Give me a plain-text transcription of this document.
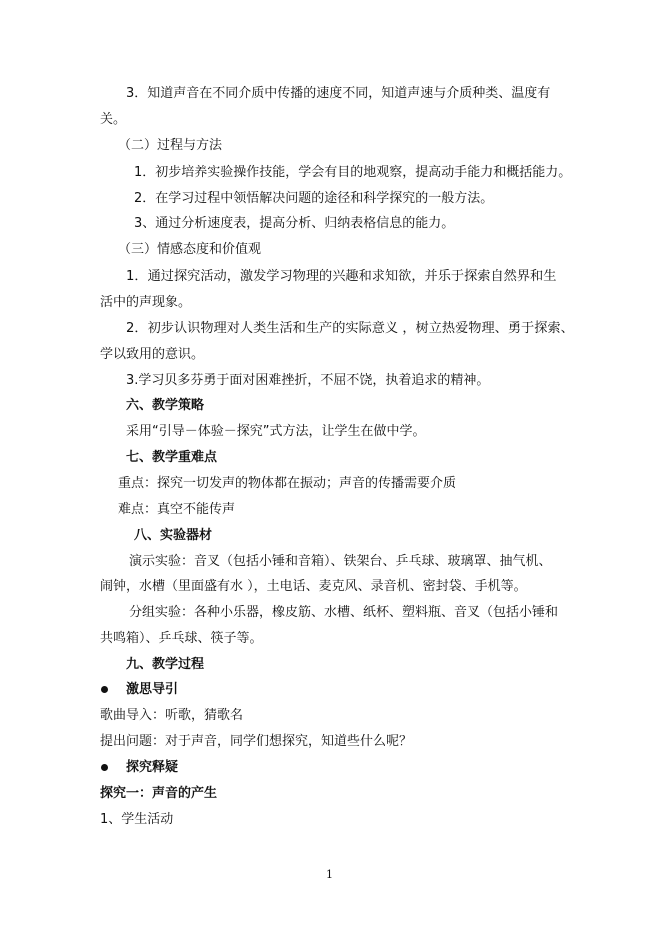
3．知道声音在不同介质中传播的速度不同，知道声速与介质种类、温度有
关。
（二）过程与方法
1．初步培养实验操作技能，学会有目的地观察，提高动手能力和概括能力。
2．在学习过程中领悟解决问题的途径和科学探究的一般方法。
3、通过分析速度表，提高分析、归纳表格信息的能力。
（三）情感态度和价值观
1．通过探究活动，激发学习物理的兴趣和求知欲，并乐于探索自然界和生
活中的声现象。
2．初步认识物理对人类生活和生产的实际意义 ，树立热爱物理、勇于探索、
学以致用的意识。
3.学习贝多芬勇于面对困难挫折，不屈不饶，执着追求的精神。
六、教学策略
采用“引导－体验－探究”式方法，让学生在做中学。
七、教学重难点
重点：探究一切发声的物体都在振动；声音的传播需要介质
难点：真空不能传声
八、实验器材
演示实验：音叉（包括小锤和音箱）、铁架台、乒乓球、玻璃罩、抽气机、
闹钟，水槽（里面盛有水 ），土电话、麦克风、录音机、密封袋、手机等。
分组实验：各种小乐器，橡皮筋、水槽、纸杯、塑料瓶、音叉（包括小锤和
共鸣箱）、乒乓球、筷子等。
九、教学过程
激思导引
歌曲导入：听歌，猜歌名
提出问题：对于声音，同学们想探究，知道些什么呢？
探究释疑
探究一：声音的产生
1、学生活动
1
